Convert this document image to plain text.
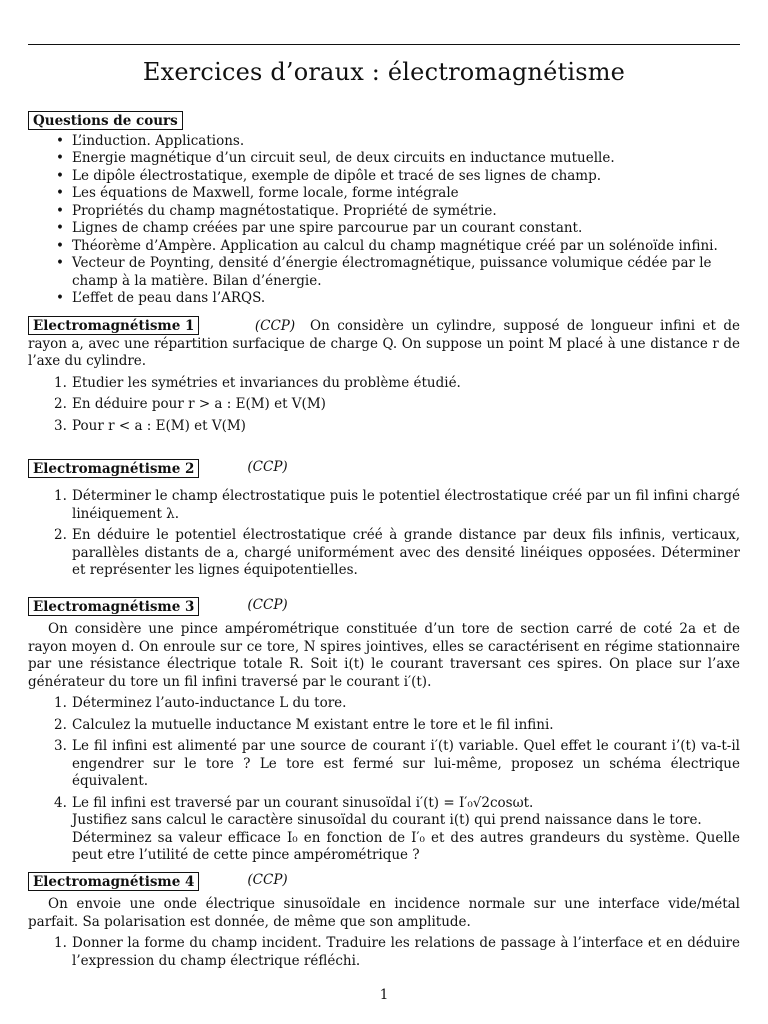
Exercices d’oraux : électromagnétisme
Questions de cours
• L’induction. Applications.
• Energie magnétique d’un circuit seul, de deux circuits en inductance mutuelle.
• Le dipôle électrostatique, exemple de dipôle et tracé de ses lignes de champ.
• Les équations de Maxwell, forme locale, forme intégrale
• Propriétés du champ magnétostatique. Propriété de symétrie.
• Lignes de champ créées par une spire parcourue par un courant constant.
• Théorème d’Ampère. Application au calcul du champ magnétique créé par un solénoïde infini.
• Vecteur de Poynting, densité d’énergie électromagnétique, puissance volumique cédée par le champ à la matière. Bilan d’énergie.
• L’effet de peau dans l’ARQS.

Electromagnétisme 1	(CCP) On considère un cylindre, supposé de longueur infini et de rayon a, avec une répartition surfacique de charge Q. On suppose un point M placé à une distance r de l’axe du cylindre.

1. Etudier les symétries et invariances du problème étudié.
2. En déduire pour r > a : E(M) et V(M)
3. Pour r < a : E(M) et V(M)
Electromagnétisme 2	(CCP)
1. Déterminer le champ électrostatique puis le potentiel électrostatique créé par un fil infini chargé linéiquement λ.
2. En déduire le potentiel électrostatique créé à grande distance par deux fils infinis, verticaux, parallèles distants de a, chargé uniformément avec des densité linéiques opposées. Déterminer et représenter les lignes équipotentielles.
Electromagnétisme 3	(CCP)

On considère une pince ampérométrique constituée d’un tore de section carré de coté 2a et de rayon moyen d. On enroule sur ce tore, N spires jointives, elles se caractérisent en régime stationnaire par une résistance électrique totale R. Soit i(t) le courant traversant ces spires. On place sur l’axe générateur du tore un fil infini traversé par le courant i′(t).

1. Déterminez l’auto-inductance L du tore.
2. Calculez la mutuelle inductance M existant entre le tore et le fil infini.
3. Le fil infini est alimenté par une source de courant i′(t) variable. Quel effet le courant i’(t) va-t-il engendrer sur le tore ? Le tore est fermé sur lui-même, proposez un schéma électrique équivalent.
4. Le fil infini est traversé par un courant sinusoïdal i′(t) = I′₀√2cosωt.
Justifiez sans calcul le caractère sinusoïdal du courant i(t) qui prend naissance dans le tore.
Déterminez sa valeur efficace I₀ en fonction de I′₀ et des autres grandeurs du système. Quelle peut etre l’utilité de cette pince ampérométrique ?
Electromagnétisme 4	(CCP)

On envoie une onde électrique sinusoïdale en incidence normale sur une interface vide/métal parfait. Sa polarisation est donnée, de même que son amplitude.

1. Donner la forme du champ incident. Traduire les relations de passage à l’interface et en déduire l’expression du champ électrique réfléchi.
1
